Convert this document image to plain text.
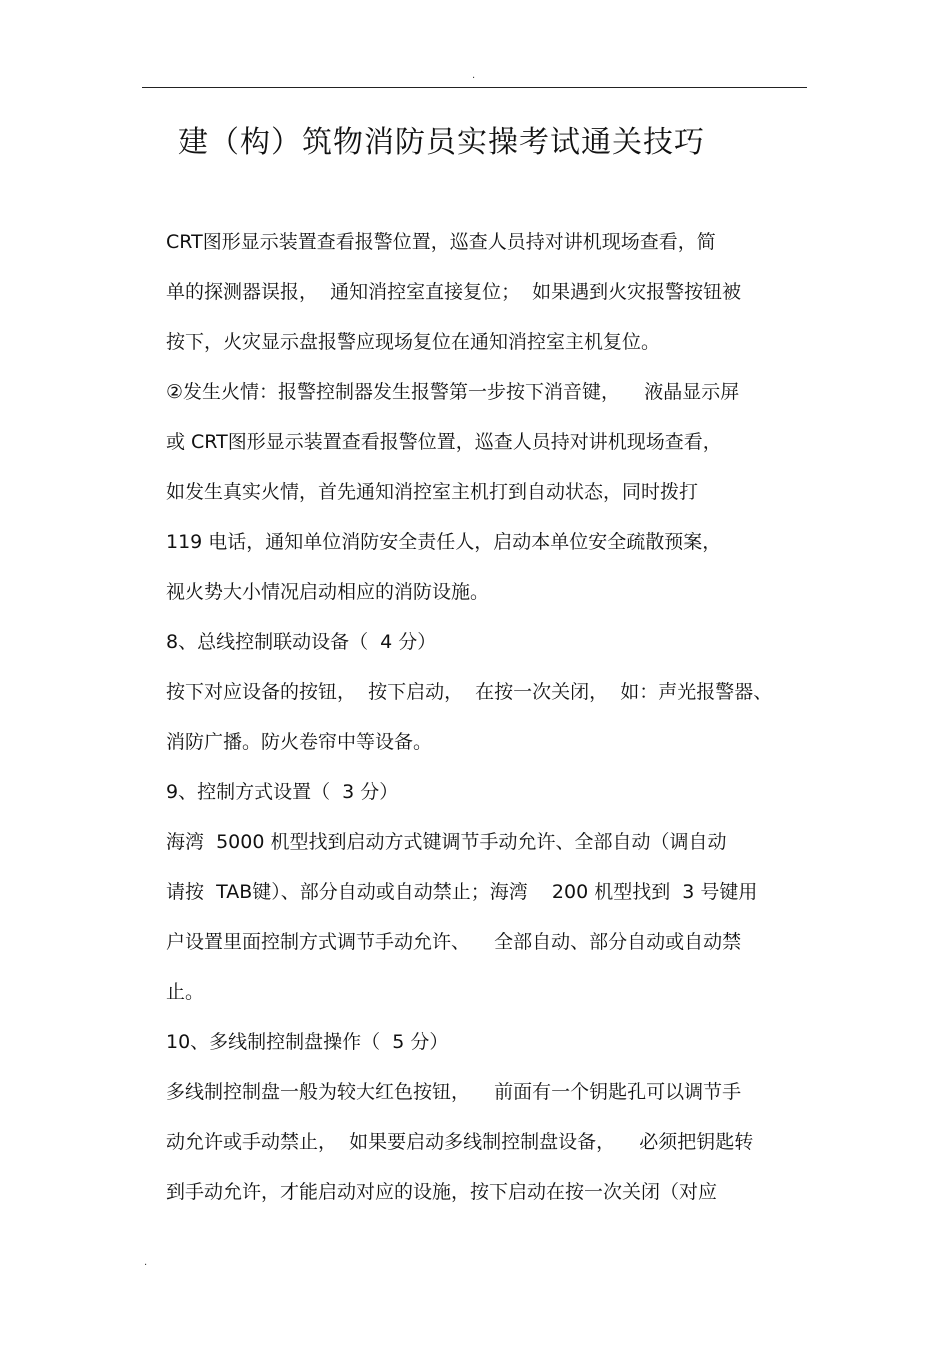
·
建（构）筑物消防员实操考试通关技巧
CRT图形显示装置查看报警位置，巡查人员持对讲机现场查看，简
单的探测器误报，  通知消控室直接复位；  如果遇到火灾报警按钮被
按下，火灾显示盘报警应现场复位在通知消控室主机复位。
②发生火情：报警控制器发生报警第一步按下消音键，    液晶显示屏
或 CRT图形显示装置查看报警位置，巡查人员持对讲机现场查看，
如发生真实火情，首先通知消控室主机打到自动状态，同时拨打
119 电话，通知单位消防安全责任人，启动本单位安全疏散预案，
视火势大小情况启动相应的消防设施。
8、总线控制联动设备（  4 分）
按下对应设备的按钮，  按下启动，  在按一次关闭，  如：声光报警器、
消防广播。防火卷帘中等设备。
9、控制方式设置（  3 分）
海湾  5000 机型找到启动方式键调节手动允许、全部自动（调自动
请按  TAB键）、部分自动或自动禁止；海湾    200 机型找到  3 号键用
户设置里面控制方式调节手动允许、    全部自动、部分自动或自动禁
止。
10、多线制控制盘操作（  5 分）
多线制控制盘一般为较大红色按钮，    前面有一个钥匙孔可以调节手
动允许或手动禁止，  如果要启动多线制控制盘设备，    必须把钥匙转
到手动允许，才能启动对应的设施，按下启动在按一次关闭（对应
.
